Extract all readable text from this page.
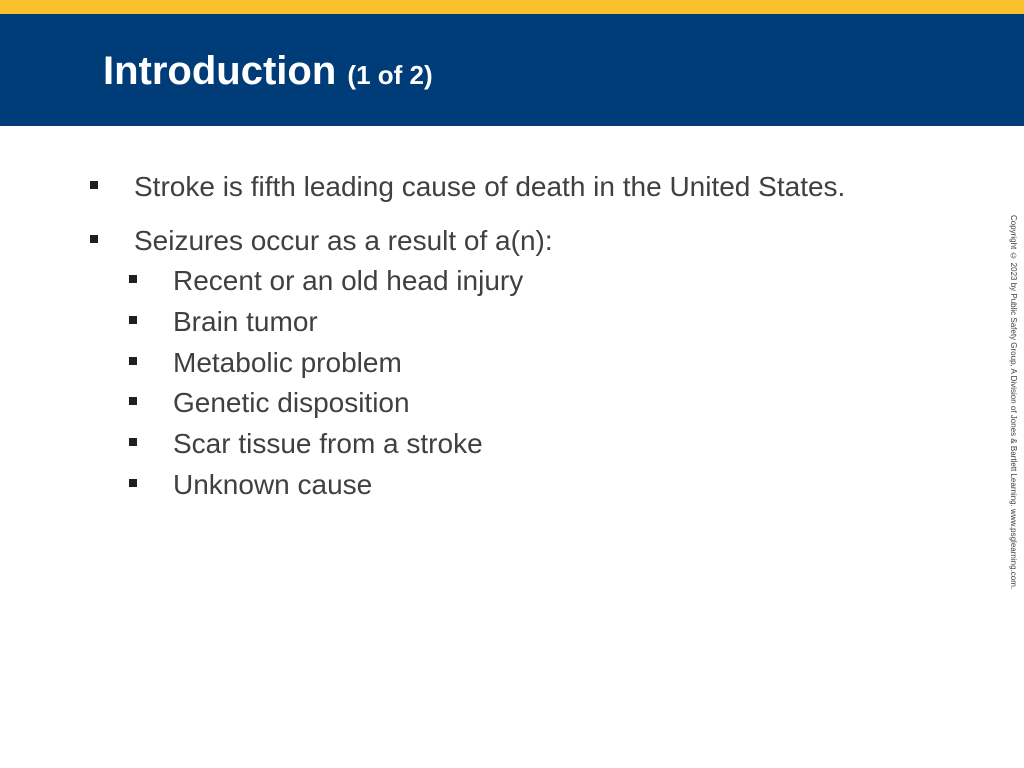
Introduction (1 of 2)
Stroke is fifth leading cause of death in the United States.
Seizures occur as a result of a(n):
Recent or an old head injury
Brain tumor
Metabolic problem
Genetic disposition
Scar tissue from a stroke
Unknown cause	Copyright © 2023 by Public Safety Group, A Division of Jones & Bartlett Learning. www.psglearning.com.
